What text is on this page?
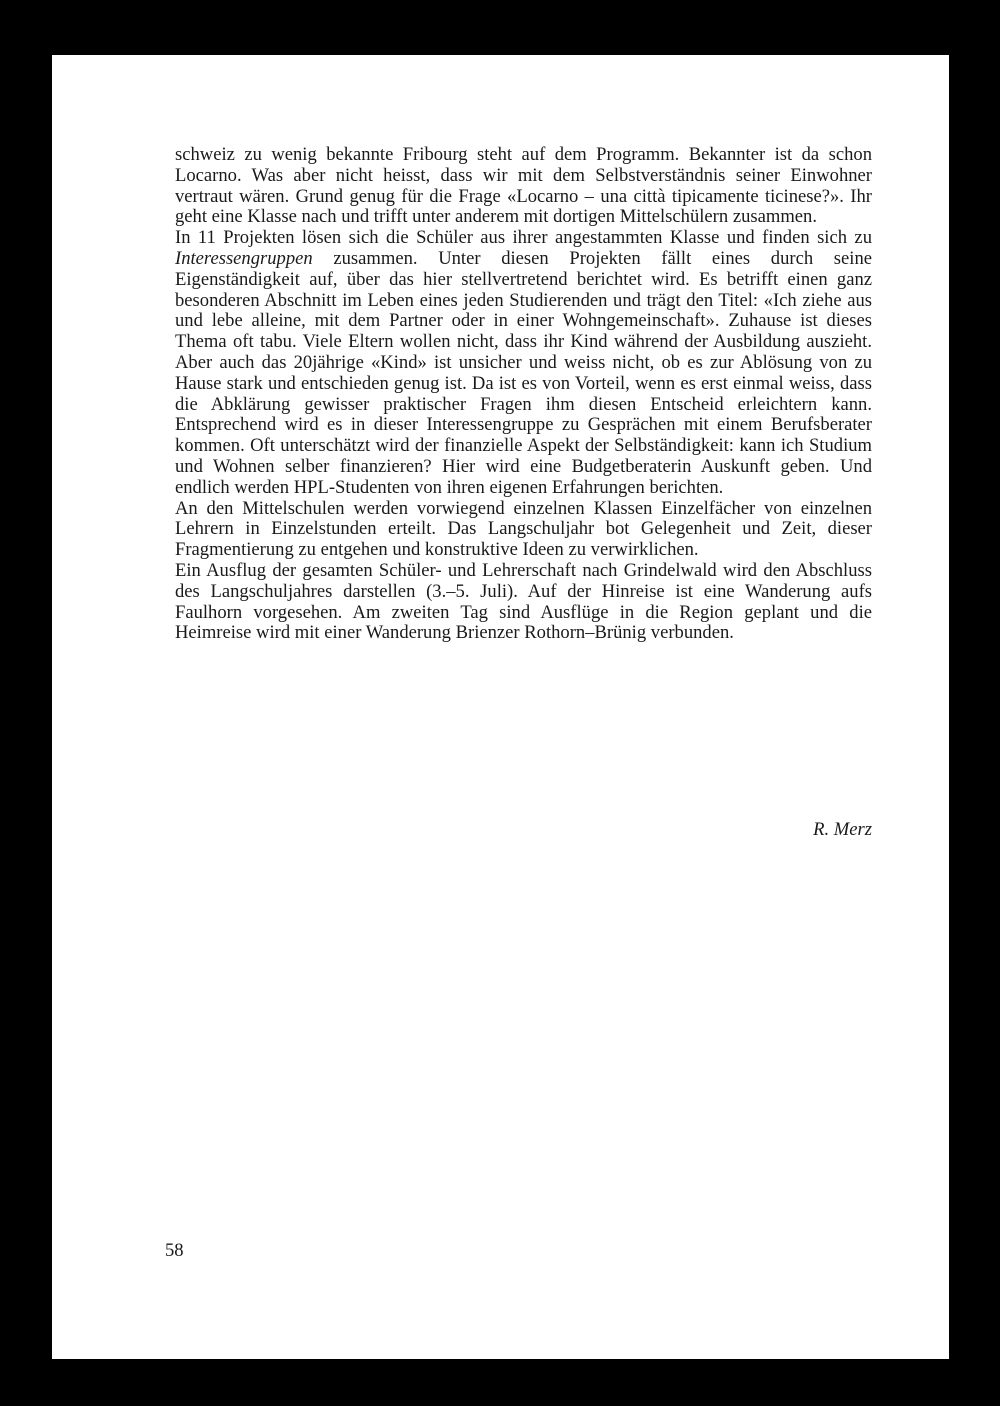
schweiz zu wenig bekannte Fribourg steht auf dem Programm. Bekannter ist da schon Locarno. Was aber nicht heisst, dass wir mit dem Selbstverständnis seiner Einwohner vertraut wären. Grund genug für die Frage «Locarno – una città tipicamente ticinese?». Ihr geht eine Klasse nach und trifft unter anderem mit dortigen Mittelschülern zusammen.

In 11 Projekten lösen sich die Schüler aus ihrer angestammten Klasse und finden sich zu Interessengruppen zusammen. Unter diesen Projekten fällt eines durch seine Eigenständigkeit auf, über das hier stellvertretend berichtet wird. Es betrifft einen ganz besonderen Abschnitt im Leben eines jeden Studierenden und trägt den Titel: «Ich ziehe aus und lebe alleine, mit dem Partner oder in einer Wohngemeinschaft». Zuhause ist dieses Thema oft tabu. Viele Eltern wollen nicht, dass ihr Kind während der Ausbildung auszieht. Aber auch das 20jährige «Kind» ist unsicher und weiss nicht, ob es zur Ablösung von zu Hause stark und entschieden genug ist. Da ist es von Vorteil, wenn es erst einmal weiss, dass die Abklärung gewisser praktischer Fragen ihm diesen Entscheid erleichtern kann. Entsprechend wird es in dieser Interessengruppe zu Gesprächen mit einem Berufsberater kommen. Oft unterschätzt wird der finanzielle Aspekt der Selbständigkeit: kann ich Studium und Wohnen selber finanzieren? Hier wird eine Budgetberaterin Auskunft geben. Und endlich werden HPL-Studenten von ihren eigenen Erfahrungen berichten.

An den Mittelschulen werden vorwiegend einzelnen Klassen Einzelfächer von einzelnen Lehrern in Einzelstunden erteilt. Das Langschuljahr bot Gelegenheit und Zeit, dieser Fragmentierung zu entgehen und konstruktive Ideen zu verwirklichen.

Ein Ausflug der gesamten Schüler- und Lehrerschaft nach Grindelwald wird den Abschluss des Langschuljahres darstellen (3.–5. Juli). Auf der Hinreise ist eine Wanderung aufs Faulhorn vorgesehen. Am zweiten Tag sind Ausflüge in die Region geplant und die Heimreise wird mit einer Wanderung Brienzer Rothorn–Brünig verbunden.

R. Merz
58
